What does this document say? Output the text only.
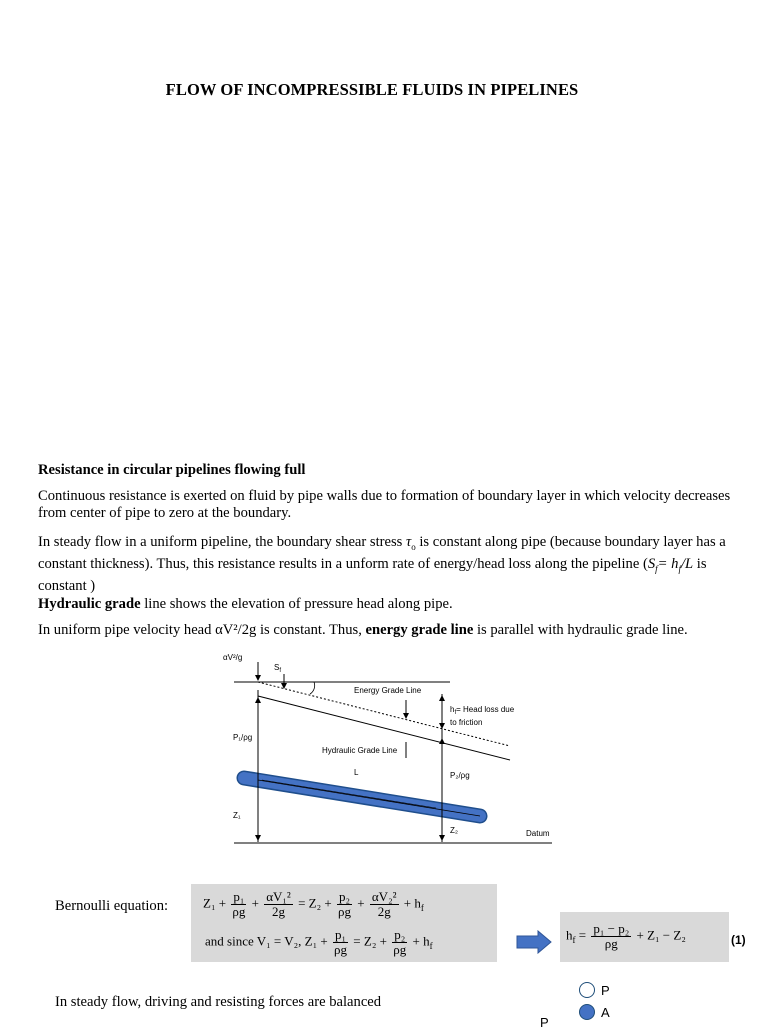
FLOW OF INCOMPRESSIBLE FLUIDS IN PIPELINES
Resistance in circular pipelines flowing full
Continuous resistance is exerted on fluid by pipe walls due to formation of boundary layer in which velocity decreases from center of pipe to zero at the boundary.
In steady flow in a uniform pipeline, the boundary shear stress $\tau_o$ is constant along pipe (because boundary layer has a constant thickness). Thus, this resistance results in a unform rate of energy/head loss along the pipeline ($S_f= h_f/L$ is constant )
Hydraulic grade line shows the elevation of pressure head along pipe.
In uniform pipe velocity head αV²/2g is constant. Thus, energy grade line is parallel with hydraulic grade line.
αV²/g
$S_f$
Energy Grade Line
$h_f=$ Head loss due
to friction
P₁/ρg
Hydraulic Grade Line
L	P₂/ρg
Z₁
Z₂	Datum
Bernoulli equation:	$Z_1 + \frac{\text{p₁}}{\rho g} + \frac{\text{αV₁²}}{2g} = Z_2 + \frac{\text{p₂}}{\rho g} + \frac{\text{αV₂²}}{2g} + h_f$
and since V₁ = V₂, $Z_1 + \frac{\text{p₁}}{\rho g} = Z_2 + \frac{\text{p₂}}{\rho g} + h_f$
$h_f = \frac{\text{p₁ − p₂}}{\rho g} + Z_1 - Z_2$	(1)
In steady flow, driving and resisting forces are balanced
P
A
P
